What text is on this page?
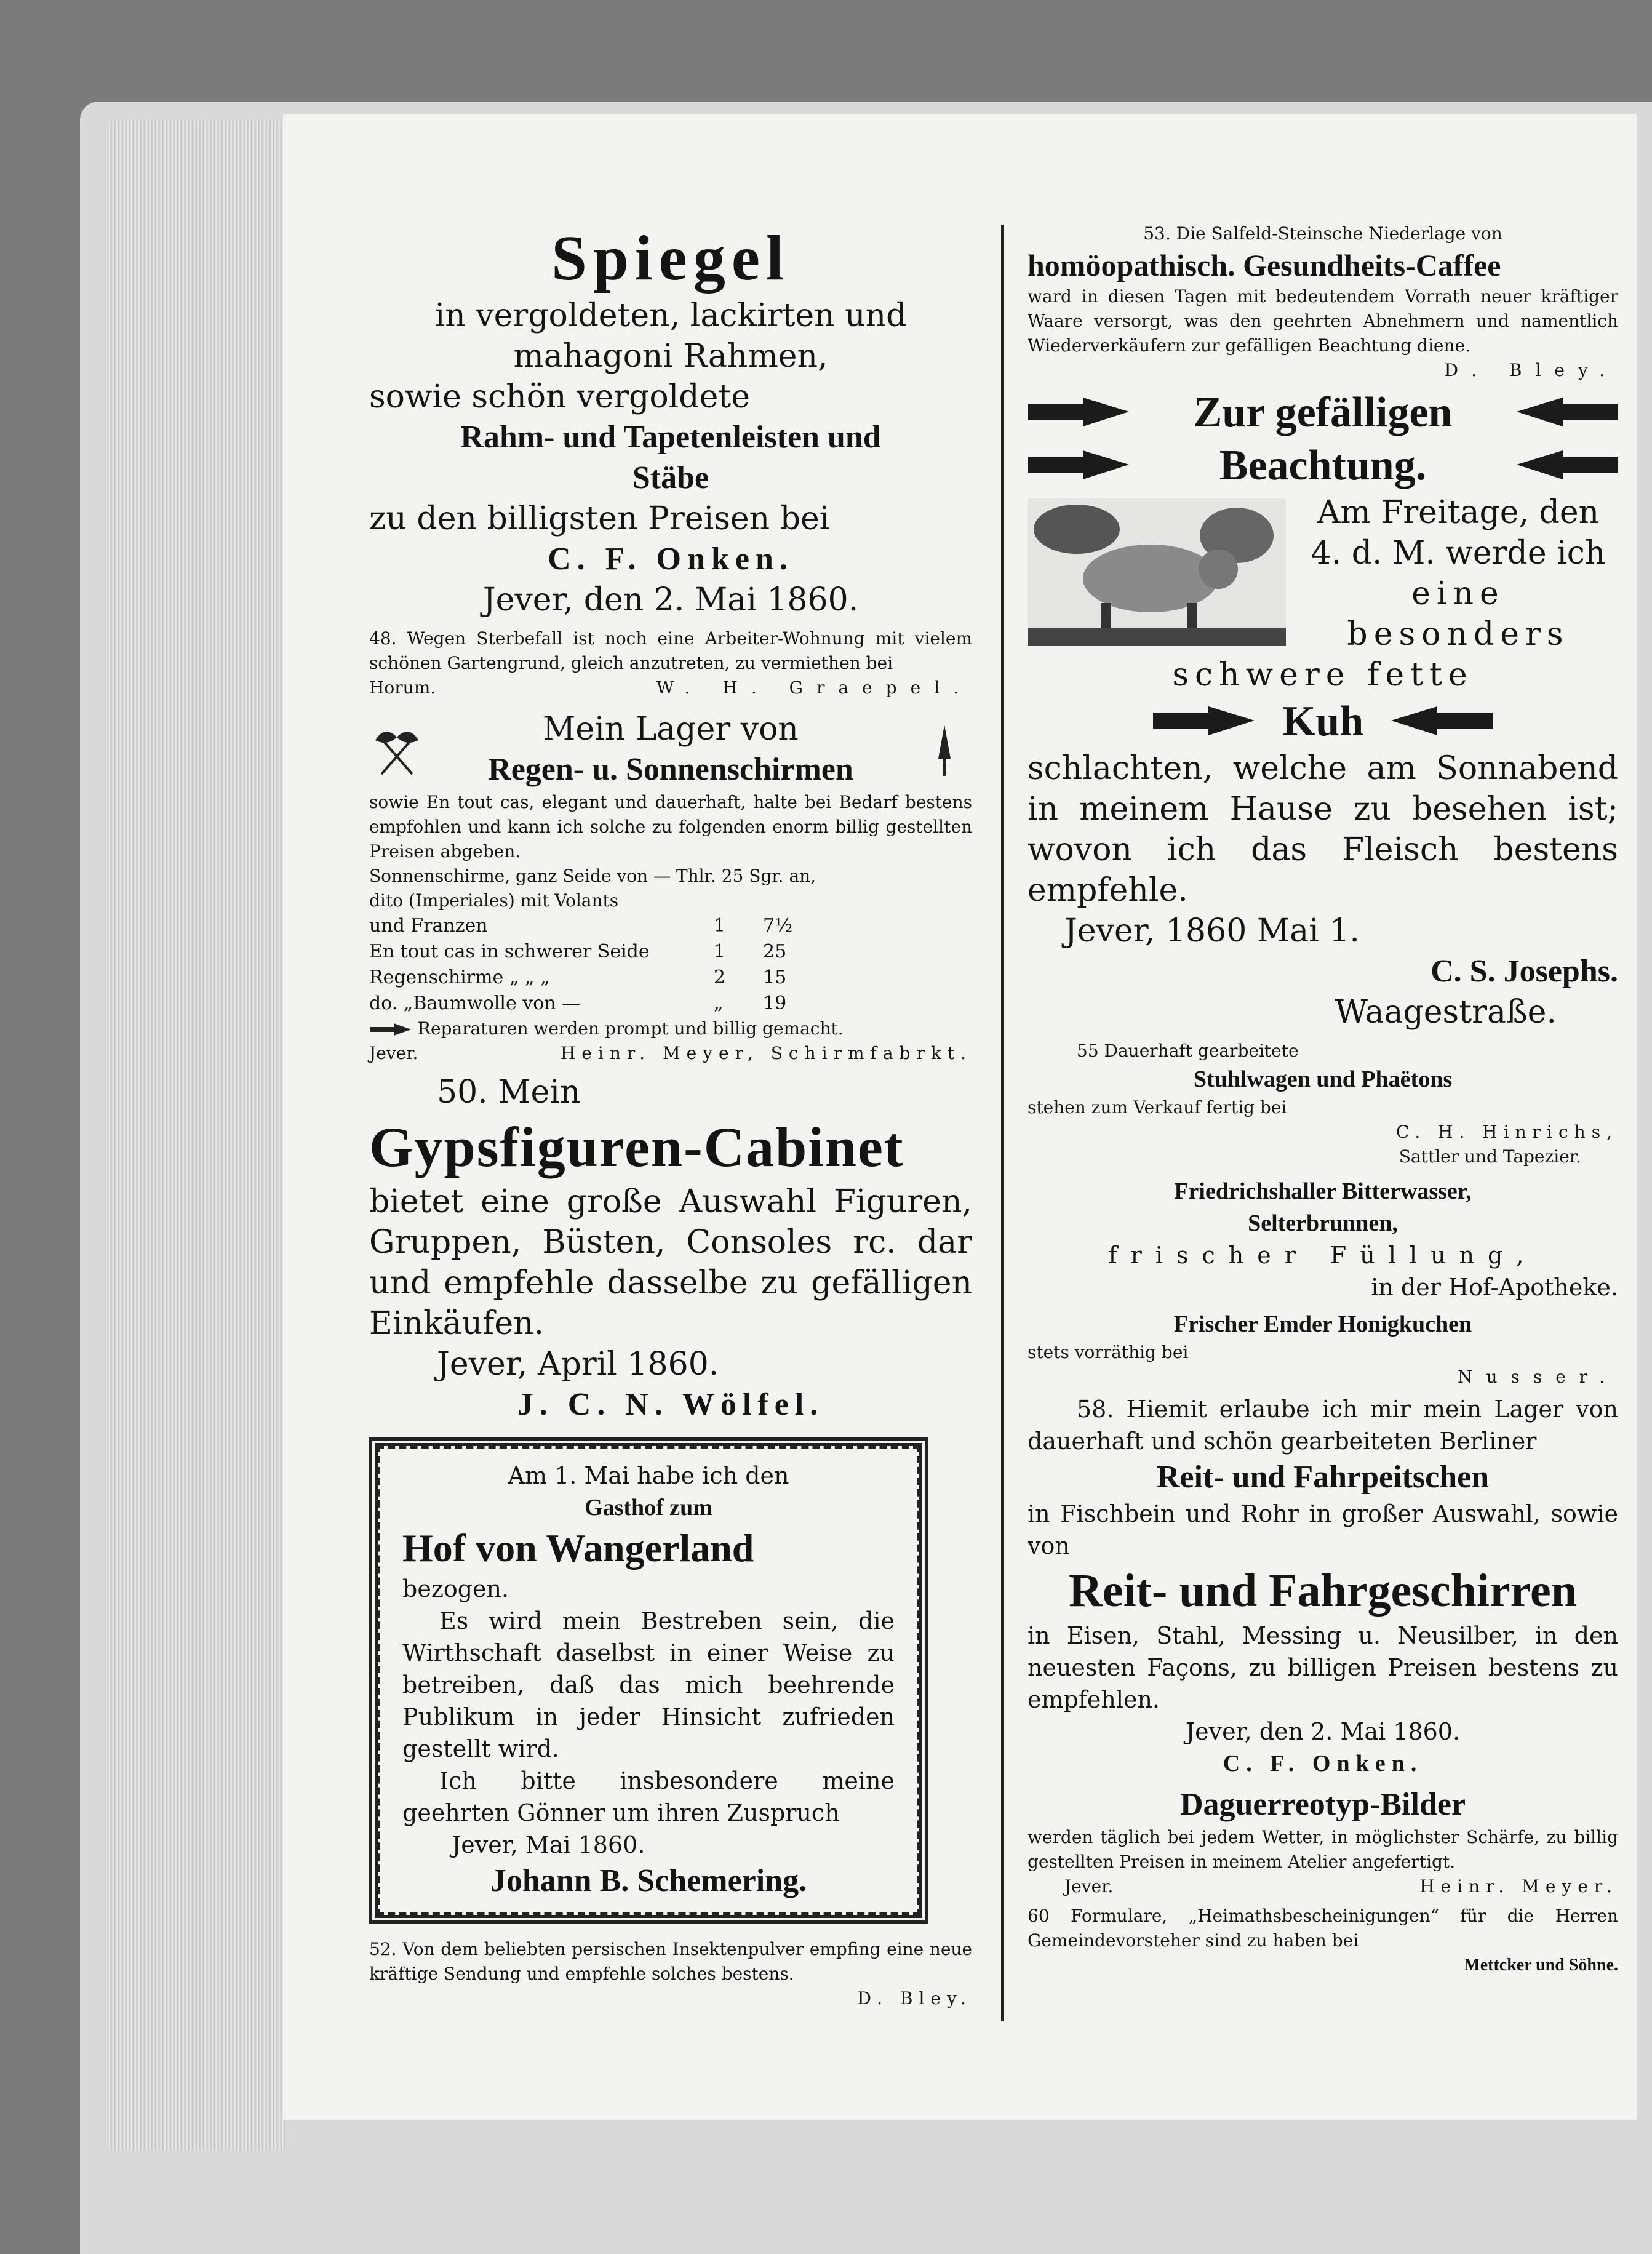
Spiegel

in vergoldeten, lackirten und mahagoni Rahmen,

sowie schön vergoldete

Rahm- und Tapetenleisten und

Stäbe

zu den billigsten Preisen bei

C. F. Onken.

Jever, den 2. Mai 1860.

48. Wegen Sterbefall ist noch eine Arbeiter-Wohnung mit vielem schönen Gartengrund, gleich anzutreten, zu vermiethen bei

Horum.	W. H. Graepel.

Mein Lager von

Regen- u. Sonnenschirmen

sowie En tout cas, elegant und dauerhaft, halte bei Bedarf bestens empfohlen und kann ich solche zu folgenden enorm billig gestellten Preisen abgeben.

Sonnenschirme, ganz Seide von — Thlr. 25 Sgr. an,

dito (Imperiales) mit Volants

und Franzen	1	7½
En tout cas in schwerer Seide	1	25
Regenschirme „ „ „	2	15
do. „Baumwolle von —	„	19

Reparaturen werden prompt und billig gemacht.

Jever.	Heinr. Meyer, Schirmfabrkt.

50. Mein

Gypsfiguren-Cabinet

bietet eine große Auswahl Figuren, Gruppen, Büsten, Consoles rc. dar und empfehle dasselbe zu gefälligen Einkäufen.

Jever, April 1860.

J. C. N. Wölfel.

Am 1. Mai habe ich den

Gasthof zum

Hof von Wangerland

bezogen.

Es wird mein Bestreben sein, die Wirthschaft daselbst in einer Weise zu betreiben, daß das mich beehrende Publikum in jeder Hinsicht zufrieden gestellt wird.

Ich bitte insbesondere meine geehrten Gönner um ihren Zuspruch

Jever, Mai 1860.

Johann B. Schemering.

52. Von dem beliebten persischen Insektenpulver empfing eine neue kräftige Sendung und empfehle solches bestens.

D. Bley.

53. Die Salfeld-Steinsche Niederlage von

homöopathisch. Gesundheits-Caffee

ward in diesen Tagen mit bedeutendem Vorrath neuer kräftiger Waare versorgt, was den geehrten Abnehmern und namentlich Wiederverkäufern zur gefälligen Beachtung diene.

D. Bley.

Zur gefälligen

Beachtung.

Am Freitage, den

4. d. M. werde ich

eine besonders

schwere fette

Kuh

schlachten, welche am Sonnabend in meinem Hause zu besehen ist; wovon ich das Fleisch bestens empfehle.

Jever, 1860 Mai 1.

C. S. Josephs.

Waagestraße.

55 Dauerhaft gearbeitete

Stuhlwagen und Phaëtons

stehen zum Verkauf fertig bei

C. H. Hinrichs,

Sattler und Tapezier.

Friedrichshaller Bitterwasser,

Selterbrunnen,

frischer Füllung,

in der Hof-Apotheke.

Frischer Emder Honigkuchen

stets vorräthig bei

Nusser.

58. Hiemit erlaube ich mir mein Lager von dauerhaft und schön gearbeiteten Berliner

Reit- und Fahrpeitschen

in Fischbein und Rohr in großer Auswahl, sowie von

Reit- und Fahrgeschirren

in Eisen, Stahl, Messing u. Neusilber, in den neuesten Façons, zu billigen Preisen bestens zu empfehlen.

Jever, den 2. Mai 1860.

C. F. Onken.

Daguerreotyp-Bilder

werden täglich bei jedem Wetter, in möglichster Schärfe, zu billig gestellten Preisen in meinem Atelier angefertigt.

Jever.	Heinr. Meyer.

60 Formulare, „Heimathsbescheinigungen“ für die Herren Gemeindevorsteher sind zu haben bei

Mettcker und Söhne.
